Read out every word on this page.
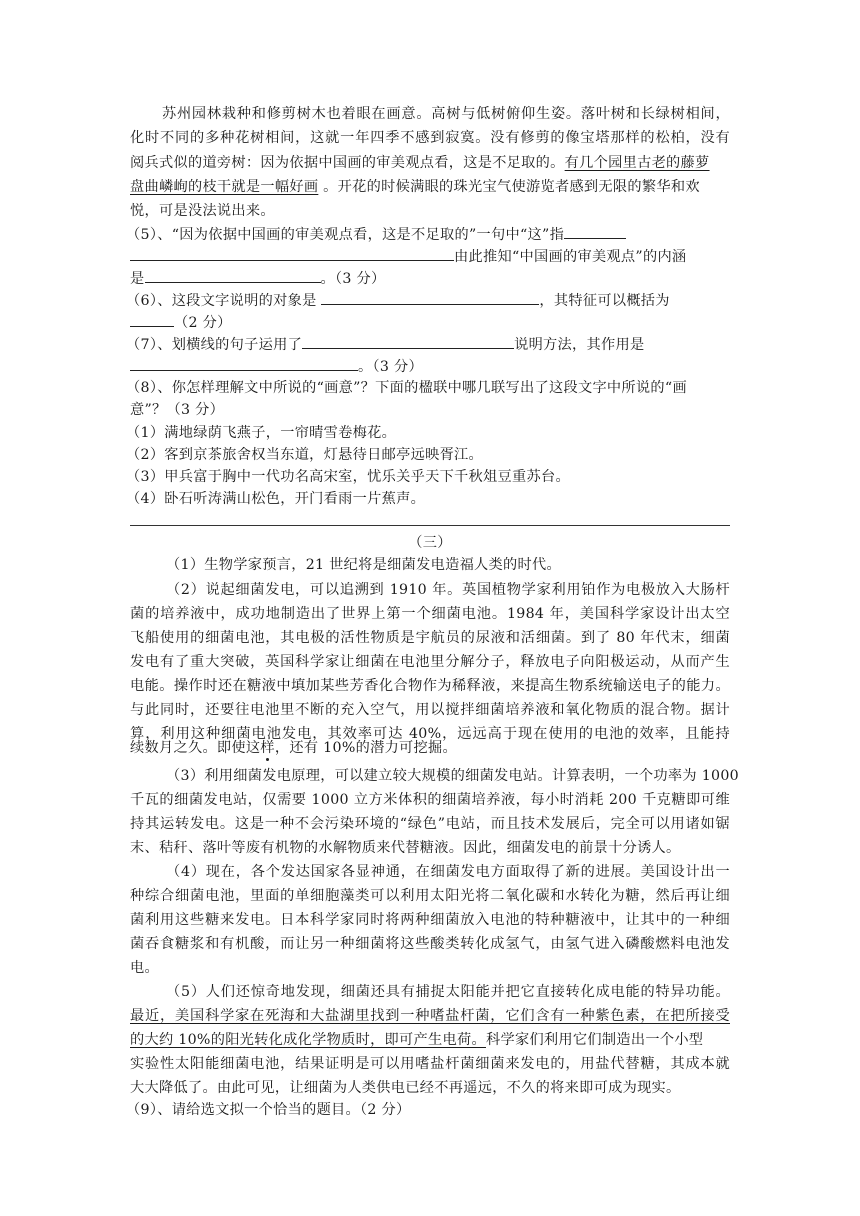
苏州园林栽种和修剪树木也着眼在画意。高树与低树俯仰生姿。落叶树和长绿树相间，
化时不同的多种花树相间，这就一年四季不感到寂寞。没有修剪的像宝塔那样的松柏，没有
阅兵式似的道旁树：因为依据中国画的审美观点看，这是不足取的。有几个园里古老的藤萝
盘曲嶙峋的枝干就是一幅好画 。开花的时候满眼的珠光宝气使游览者感到无限的繁华和欢
悦，可是没法说出来。
（5）、“因为依据中国画的审美观点看，这是不足取的”一句中“这”指
由此推知“中国画的审美观点”的内涵
是	。（3 分）
（6）、这段文字说明的对象是	，其特征可以概括为
（2 分）
（7）、划横线的句子运用了	说明方法，其作用是
。（3 分）
（8）、你怎样理解文中所说的“画意”？下面的楹联中哪几联写出了这段文字中所说的“画
意”？（3 分）
（1）满地绿荫飞燕子，一帘晴雪卷梅花。
（2）客到京茶旅舍权当东道，灯悬待日邮亭远映胥江。
（3）甲兵富于胸中一代功名高宋室，忧乐关乎天下千秋俎豆重苏台。
（4）卧石听涛满山松色，开门看雨一片蕉声。
（三）
（1）生物学家预言，21 世纪将是细菌发电造福人类的时代。
（2）说起细菌发电，可以追溯到 1910 年。英国植物学家利用铂作为电极放入大肠杆
菌的培养液中，成功地制造出了世界上第一个细菌电池。1984 年，美国科学家设计出太空
飞船使用的细菌电池，其电极的活性物质是宇航员的尿液和活细菌。到了 80 年代末，细菌
发电有了重大突破，英国科学家让细菌在电池里分解分子，释放电子向阳极运动，从而产生
电能。操作时还在糖液中填加某些芳香化合物作为稀释液，来提高生物系统输送电子的能力。
与此同时，还要往电池里不断的充入空气，用以搅拌细菌培养液和氧化物质的混合物。据计
算，利用这种细菌电池发电，其效率可达 40%，远远高于现在使用的电池的效率，且能持
续数月之久。即使这样，还有 10%的潜力可挖掘。
（3）利用细菌发电原理，可以建立较大规模的细菌发电站。计算表明，一个功率为 1000
千瓦的细菌发电站，仅需要 1000 立方米体积的细菌培养液，每小时消耗 200 千克糖即可维
持其运转发电。这是一种不会污染环境的“绿色”电站，而且技术发展后，完全可以用诸如锯
末、秸秆、落叶等废有机物的水解物质来代替糖液。因此，细菌发电的前景十分诱人。
（4）现在，各个发达国家各显神通，在细菌发电方面取得了新的进展。美国设计出一
种综合细菌电池，里面的单细胞藻类可以利用太阳光将二氧化碳和水转化为糖，然后再让细
菌利用这些糖来发电。日本科学家同时将两种细菌放入电池的特种糖液中，让其中的一种细
菌吞食糖浆和有机酸，而让另一种细菌将这些酸类转化成氢气，由氢气进入磷酸燃料电池发
电。
（5）人们还惊奇地发现，细菌还具有捕捉太阳能并把它直接转化成电能的特异功能。
最近，美国科学家在死海和大盐湖里找到一种嗜盐杆菌，它们含有一种紫色素，在把所接受
的大约 10%的阳光转化成化学物质时，即可产生电荷。科学家们利用它们制造出一个小型
实验性太阳能细菌电池，结果证明是可以用嗜盐杆菌细菌来发电的，用盐代替糖，其成本就
大大降低了。由此可见，让细菌为人类供电已经不再遥远，不久的将来即可成为现实。
（9）、请给选文拟一个恰当的题目。（2 分）
